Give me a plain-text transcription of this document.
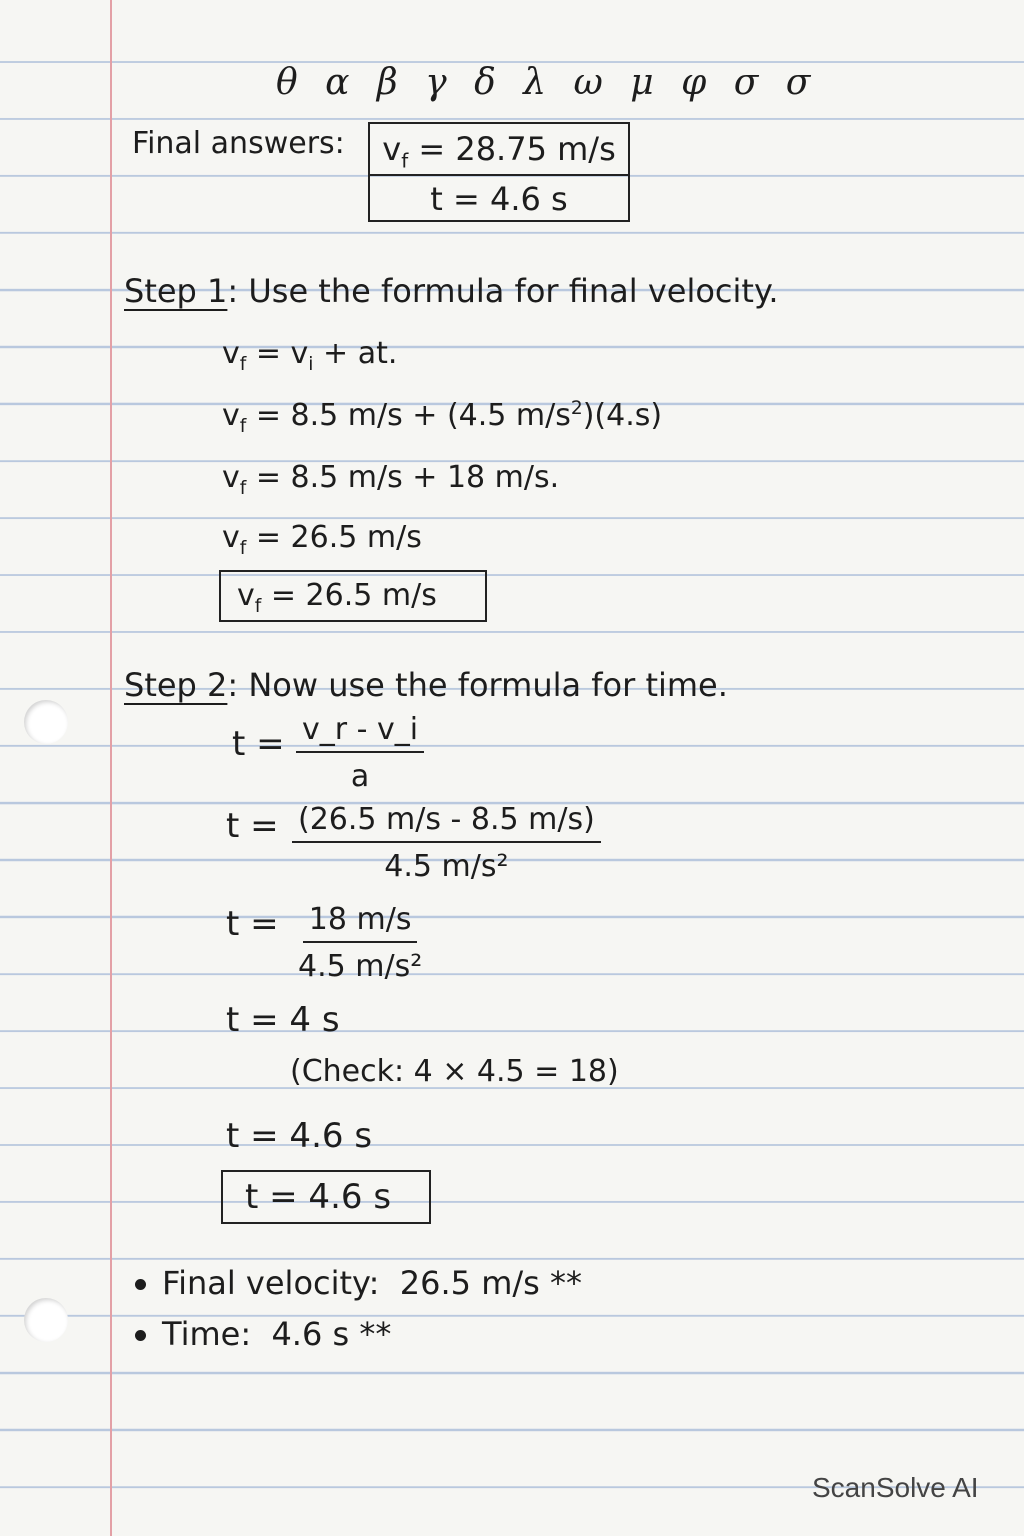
θ α β γ δ λ ω μ φ σ σ
Final answers:	$v_f = 28.75$ m/s
t = 4.6 s
Step 1: Use the formula for final velocity.
$v_f = v_i$ + at.
$v_f = 8.5$ m/s + (4.5 $m/s^2)(4.s)$
$v_f = 8.5$ m/s + 18 m/s.
$v_f = 26.5$ m/s
$v_f = 26.5$ m/s
Step 2: Now use the formula for time.
$t = \frac{v\_r - v\_i}{a}$
$t = \frac{(26.5 m/s - 8.5 m/s)}{\text{4.5 m/s²}}$
$t = \frac{18 m/s}{\text{4.5 m/s²}}$
t = 4 s
(Check: 4 × 4.5 = 18)
t = 4.6 s
t = 4.6 s
Final velocity: 26.5 m/s **
Time: 4.6 s **
ScanSolve AI
